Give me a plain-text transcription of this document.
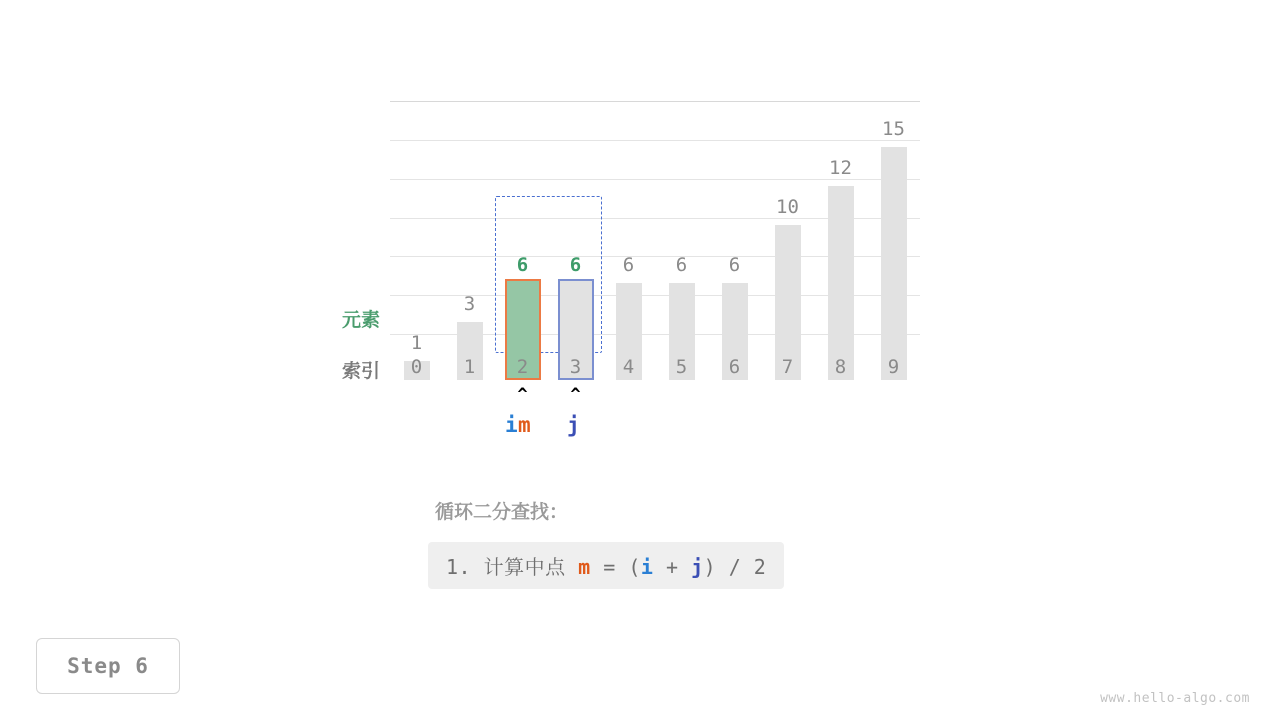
1
3
6 6 6 6 6
10
12
15
0	1	2	3	4	5	6	7	8	9
元素
索引
^	^
i m j
循环二分查找：
1. 计算中点 m = (i + j) / 2
Step 6
www.hello-algo.com
